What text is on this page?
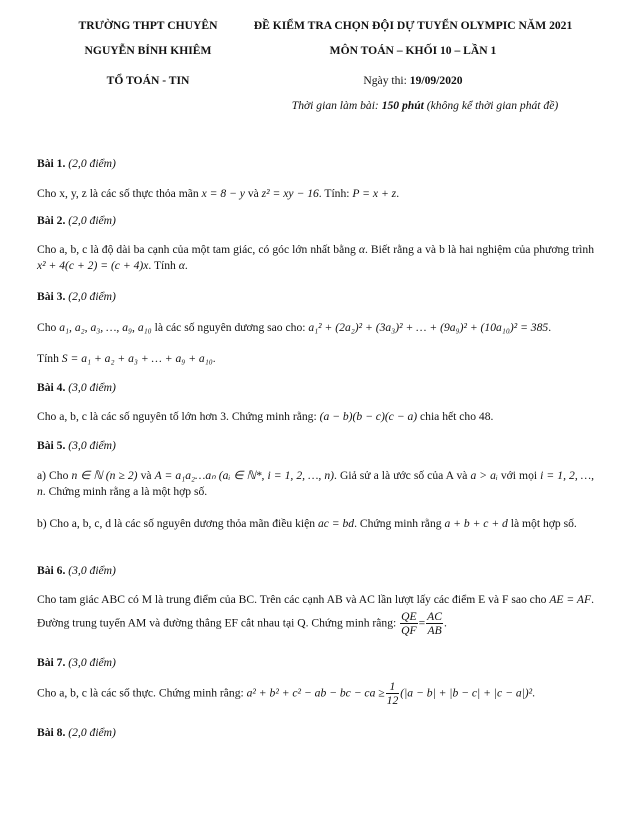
TRƯỜNG THPT CHUYÊN
NGUYỄN BỈNH KHIÊM
TỔ TOÁN - TIN
ĐỀ KIỂM TRA CHỌN ĐỘI DỰ TUYỂN OLYMPIC NĂM 2021
MÔN TOÁN – KHỐI 10 – LẦN 1
Ngày thi: 19/09/2020
Thời gian làm bài: 150 phút (không kể thời gian phát đề)
Bài 1. (2,0 điểm)
Cho x, y, z là các số thực thỏa mãn x = 8 − y và z² = xy − 16. Tính: P = x + z.
Bài 2. (2,0 điểm)
Cho a, b, c là độ dài ba cạnh của một tam giác, có góc lớn nhất bằng α. Biết rằng a và b là hai nghiệm của phương trình x² + 4(c + 2) = (c + 4)x. Tính α.
Bài 3. (2,0 điểm)
Cho a₁, a₂, a₃, …, a₉, a₁₀ là các số nguyên dương sao cho: a₁² + (2a₂)² + (3a₃)² + … + (9a₉)² + (10a₁₀)² = 385.
Tính S = a₁ + a₂ + a₃ + … + a₉ + a₁₀.
Bài 4. (3,0 điểm)
Cho a, b, c là các số nguyên tố lớn hơn 3. Chứng minh rằng: (a − b)(b − c)(c − a) chia hết cho 48.
Bài 5. (3,0 điểm)
a) Cho n ∈ ℕ (n ≥ 2) và A = a₁a₂…aₙ (aᵢ ∈ ℕ*, i = 1, 2, …, n). Giả sử a là ước số của A và a > aᵢ với mọi i = 1, 2, …, n. Chứng minh rằng a là một hợp số.
b) Cho a, b, c, d là các số nguyên dương thỏa mãn điều kiện ac = bd. Chứng minh rằng a + b + c + d là một hợp số.
Bài 6. (3,0 điểm)
Cho tam giác ABC có M là trung điểm của BC. Trên các cạnh AB và AC lần lượt lấy các điểm E và F sao cho AE = AF. Đường trung tuyến AM và đường thẳng EF cắt nhau tại Q. Chứng minh rằng: $\frac{QE}{QF} = \frac{AC}{AB}$ .
Bài 7. (3,0 điểm)
Cho a, b, c là các số thực. Chứng minh rằng: a² + b² + c² − ab − bc − ca ≥ $\frac{1}{12} (|a - b| + |b - c| + |c - a|)^2$.
Bài 8. (2,0 điểm)
